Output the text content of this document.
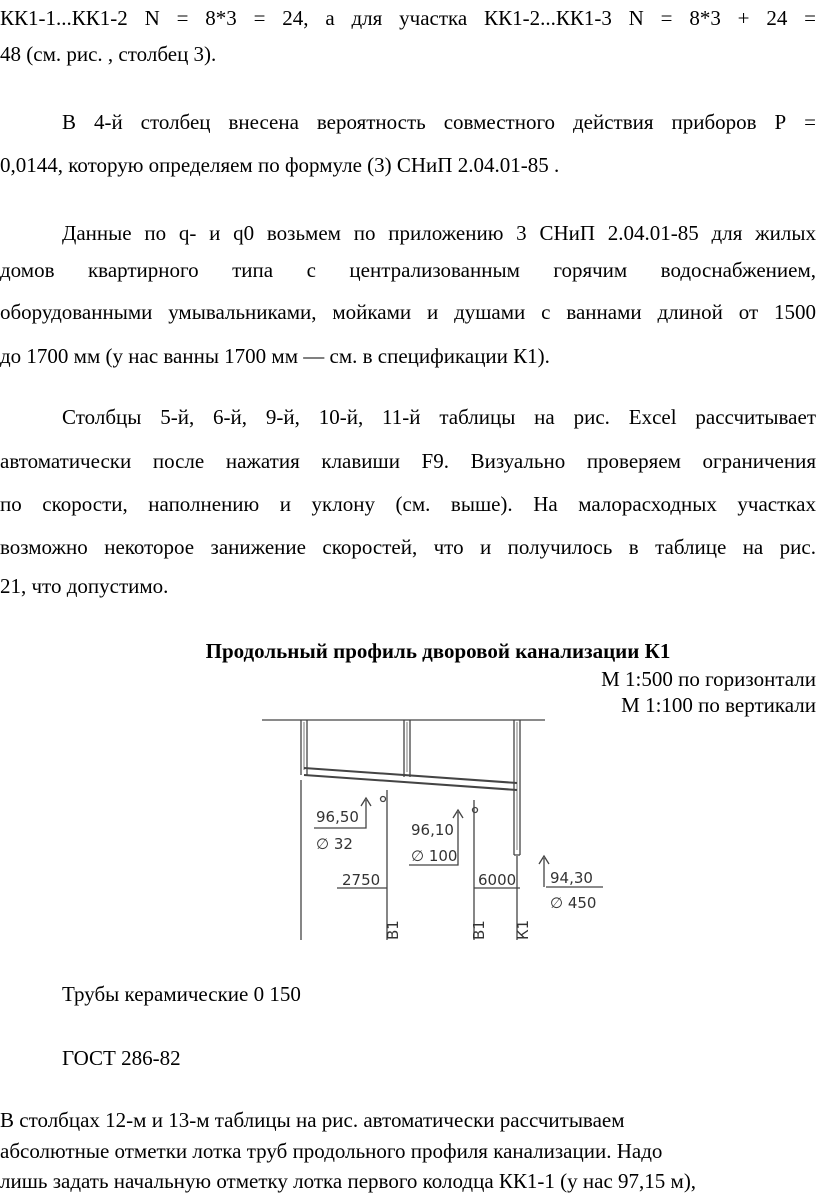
КК1-1...КК1-2 N = 8*3 = 24, а для участка КК1-2...КК1-3 N = 8*3 + 24 =
48 (см. рис. , столбец 3).
В 4-й столбец внесена вероятность совместного действия приборов Р =
0,0144, которую определяем по формуле (3) СНиП 2.04.01-85 .
Данные по q- и q0 возьмем по приложению 3 СНиП 2.04.01-85 для жилых
домов квартирного типа с централизованным горячим водоснабжением,
оборудованными умывальниками, мойками и душами с ваннами длиной от 1500
до 1700 мм (у нас ванны 1700 мм — см. в спецификации К1).
Столбцы 5-й, 6-й, 9-й, 10-й, 11-й таблицы на рис. Excel рассчитывает
автоматически после нажатия клавиши F9. Визуально проверяем ограничения
по скорости, наполнению и уклону (см. выше). На малорасходных участках
возможно некоторое занижение скоростей, что и получилось в таблице на рис.
21, что допустимо.
Продольный профиль дворовой канализации К1
М 1:500 по горизонтали
М 1:100 по вертикали
96,50
∅ 32
96,10
∅ 100
94,30
∅ 450
2750	6000
В1	В1 К1
Трубы керамические 0 150
ГОСТ 286-82
В столбцах 12-м и 13-м таблицы на рис. автоматически рассчитываем
абсолютные отметки лотка труб продольного профиля канализации. Надо
лишь задать начальную отметку лотка первого колодца КК1-1 (у нас 97,15 м),
